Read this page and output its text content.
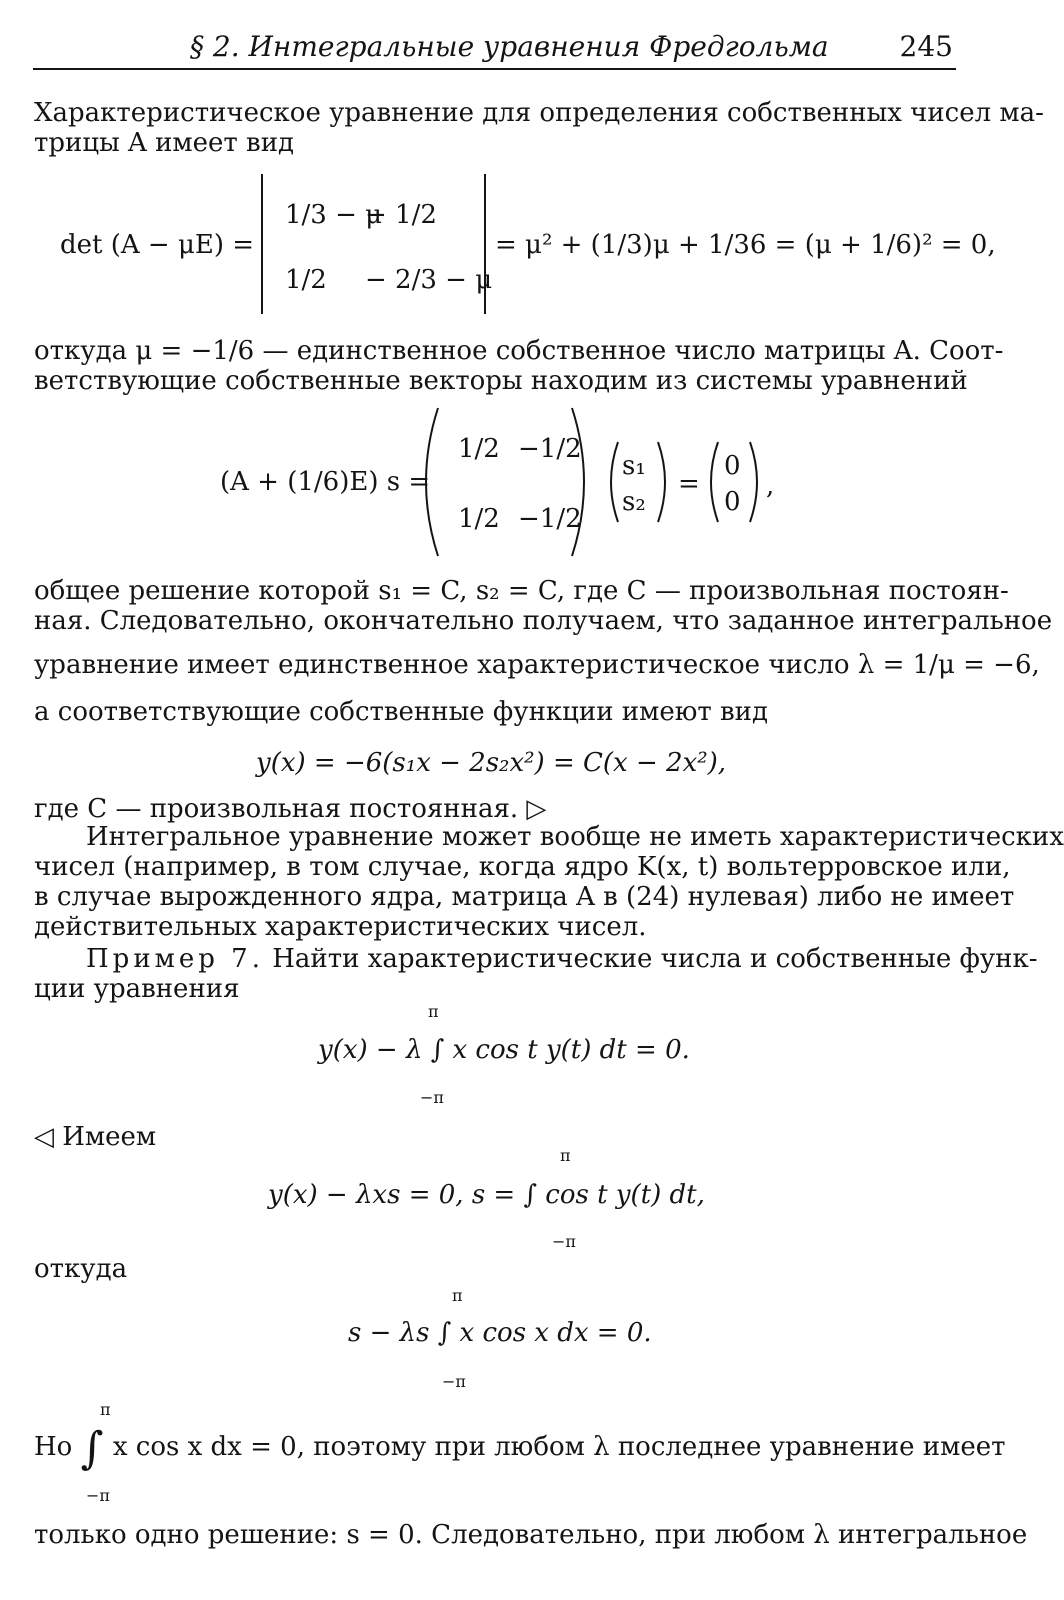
§ 2. Интегральные уравнения Фредгольма	245
Характеристическое уравнение для определения собственных чисел ма-
трицы A имеет вид
det (A − μE) =
1/3 − μ
− 1/2
1/2 − 2/3 − μ
= μ² + (1/3)μ + 1/36 = (μ + 1/6)² = 0,
откуда μ = −1/6 — единственное собственное число матрицы A. Соот-
ветствующие собственные векторы находим из системы уравнений
(A + (1/6)E) s =
1/2 −1/2
1/2 −1/2
s₁
s₂
=
0
0
,
общее решение которой s₁ = C, s₂ = C, где C — произвольная постоян-
ная. Следовательно, окончательно получаем, что заданное интегральное
уравнение имеет единственное характеристическое число λ = 1/μ = −6,
а соответствующие собственные функции имеют вид
y(x) = −6(s₁x − 2s₂x²) = C(x − 2x²),
где C — произвольная постоянная. ▷
Интегральное уравнение может вообще не иметь характеристических
чисел (например, в том случае, когда ядро K(x, t) вольтерровское или,
в случае вырожденного ядра, матрица A в (24) нулевая) либо не имеет
действительных характеристических чисел.
Пример 7. Найти характеристические числа и собственные функ-
ции уравнения
y(x) − λ ∫ x cos t y(t) dt = 0.
π
−π
◁ Имеем
y(x) − λxs = 0, s = ∫ cos t y(t) dt,
π
−π
откуда
s − λs ∫ x cos x dx = 0.
π
−π
π
Но ∫ x cos x dx = 0, поэтому при любом λ последнее уравнение имеет
−π
только одно решение: s = 0. Следовательно, при любом λ интегральное
